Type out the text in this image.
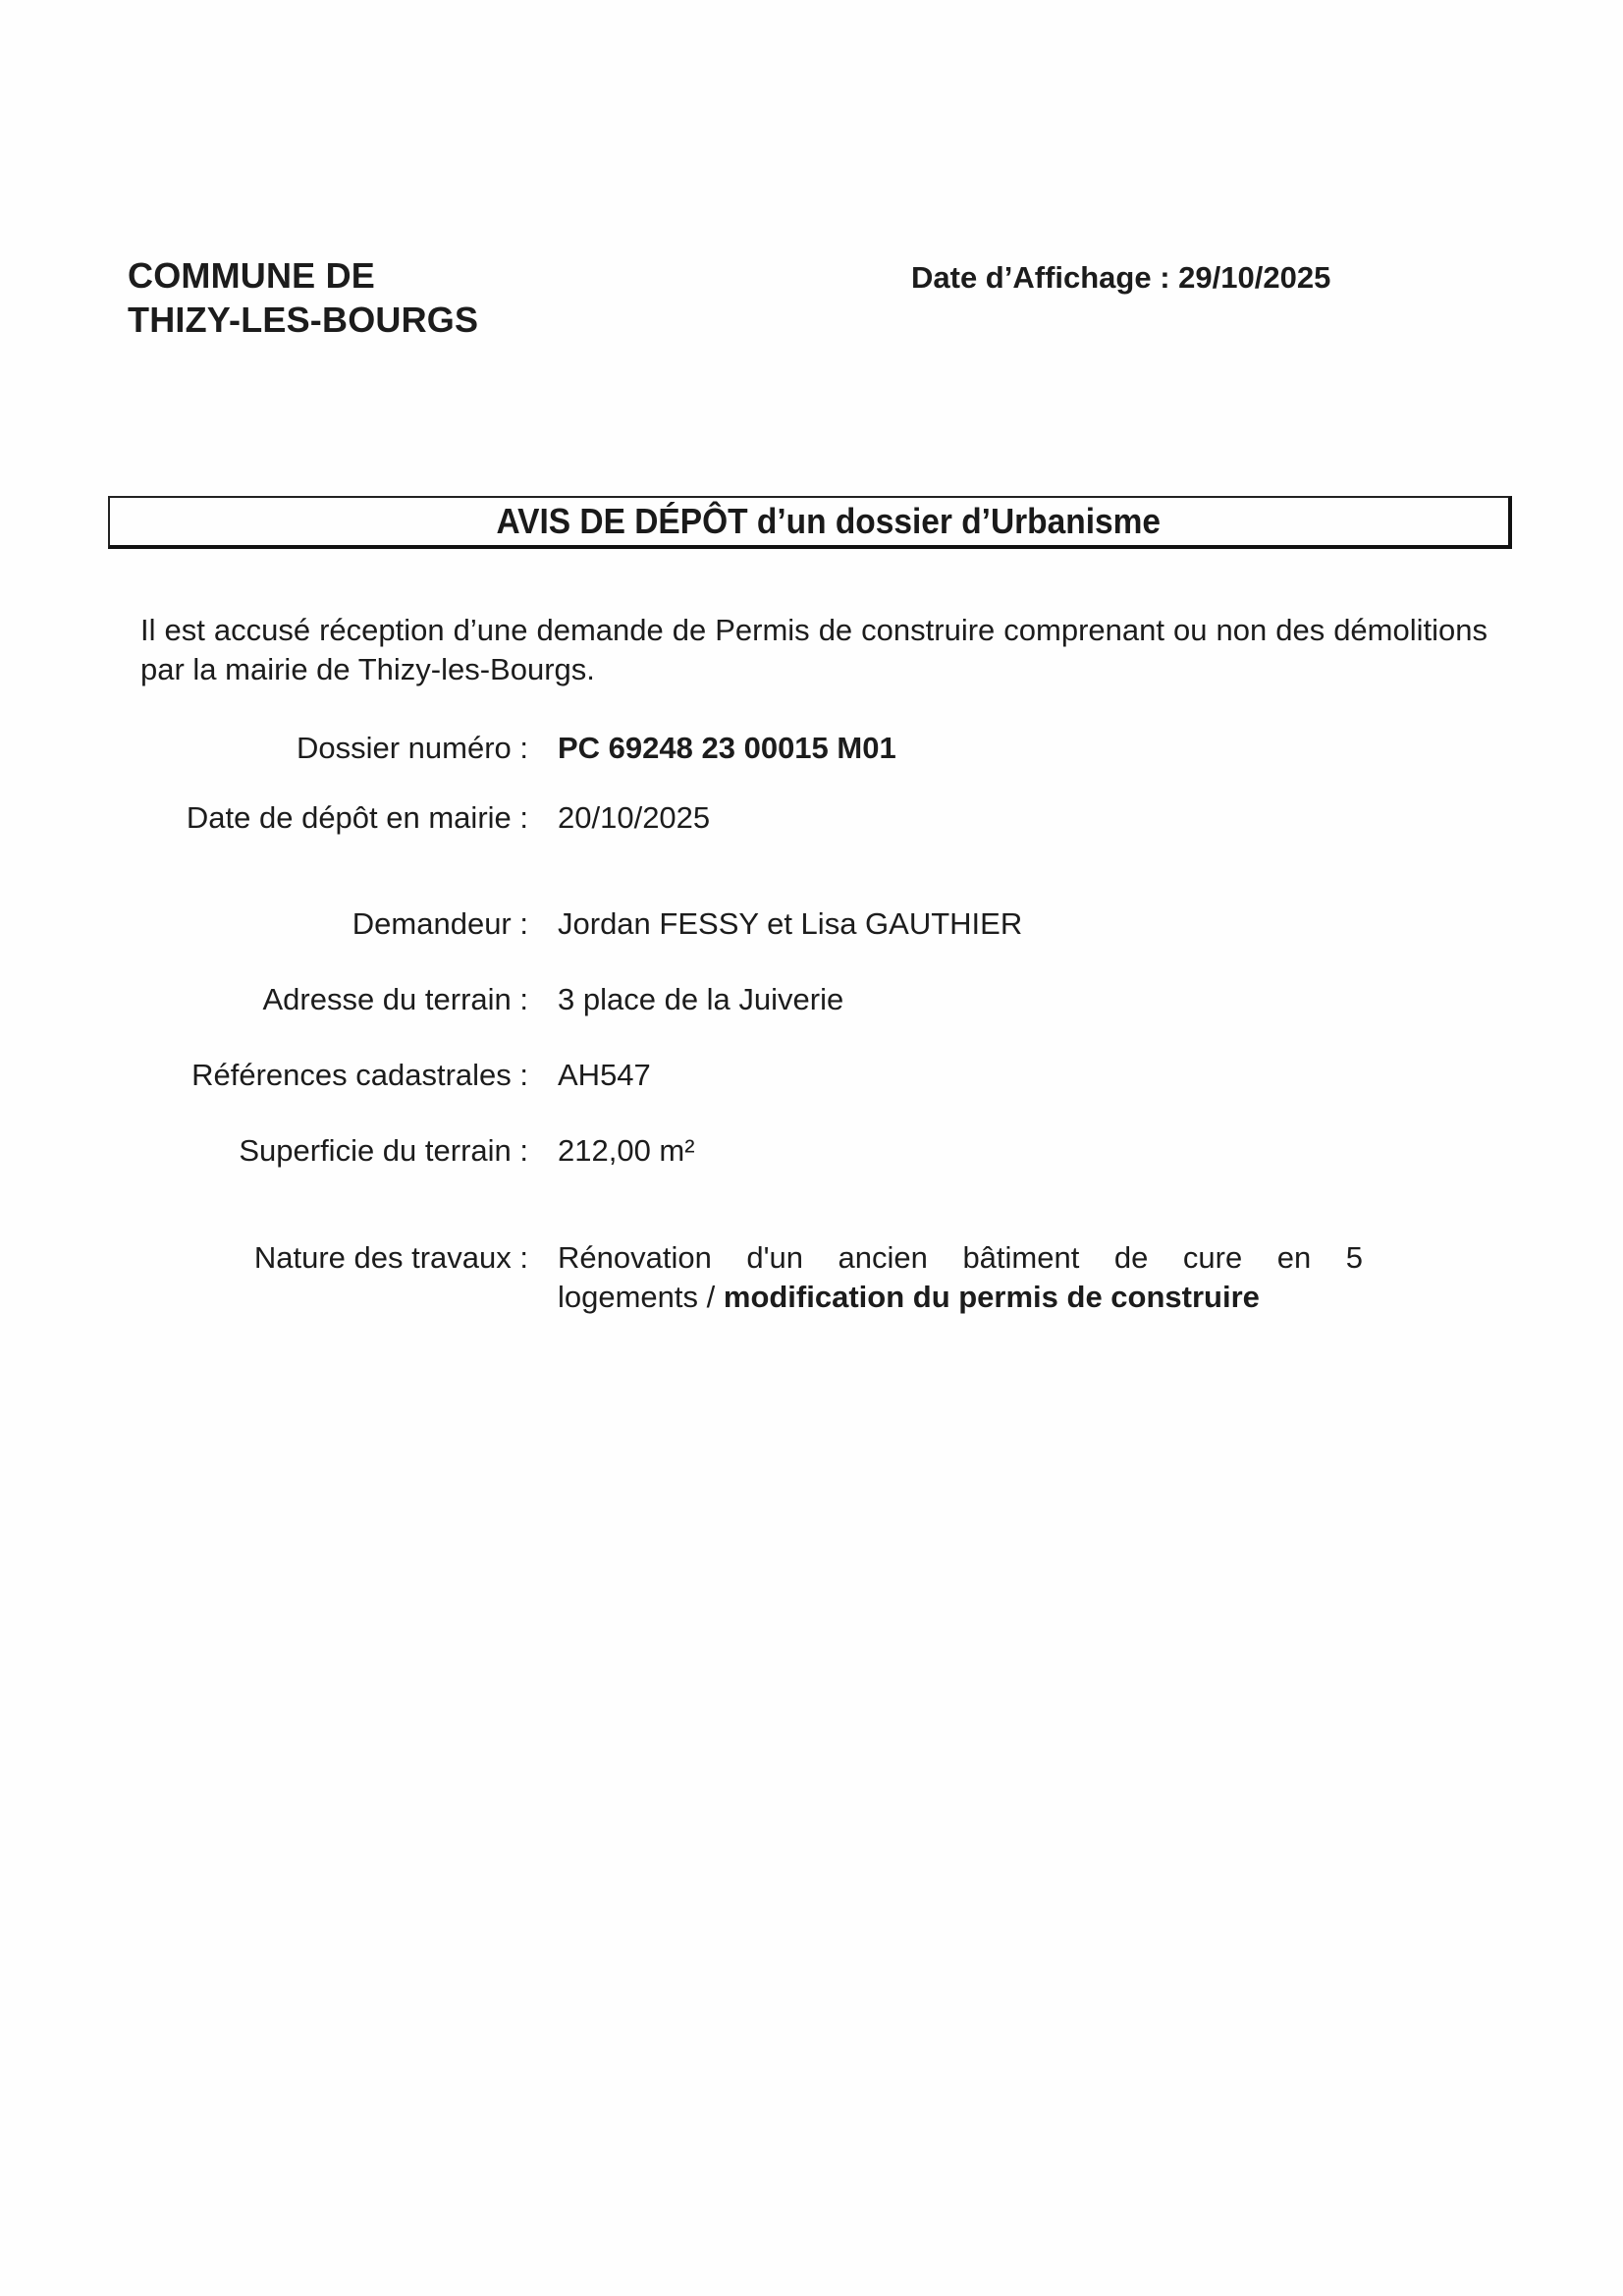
COMMUNE DE
THIZY-LES-BOURGS
Date d’Affichage : 29/10/2025
AVIS DE DÉPÔT d’un dossier d’Urbanisme
Il est accusé réception d’une demande de Permis de construire comprenant ou non des démolitions par la mairie de Thizy-les-Bourgs.
Dossier numéro : PC 69248 23 00015 M01
Date de dépôt en mairie : 20/10/2025
Demandeur : Jordan FESSY et Lisa GAUTHIER
Adresse du terrain : 3 place de la Juiverie
Références cadastrales : AH547
Superficie du terrain : 212,00 m²
Nature des travaux : Rénovation d'un ancien bâtiment de cure en 5
logements / modification du permis de construire
